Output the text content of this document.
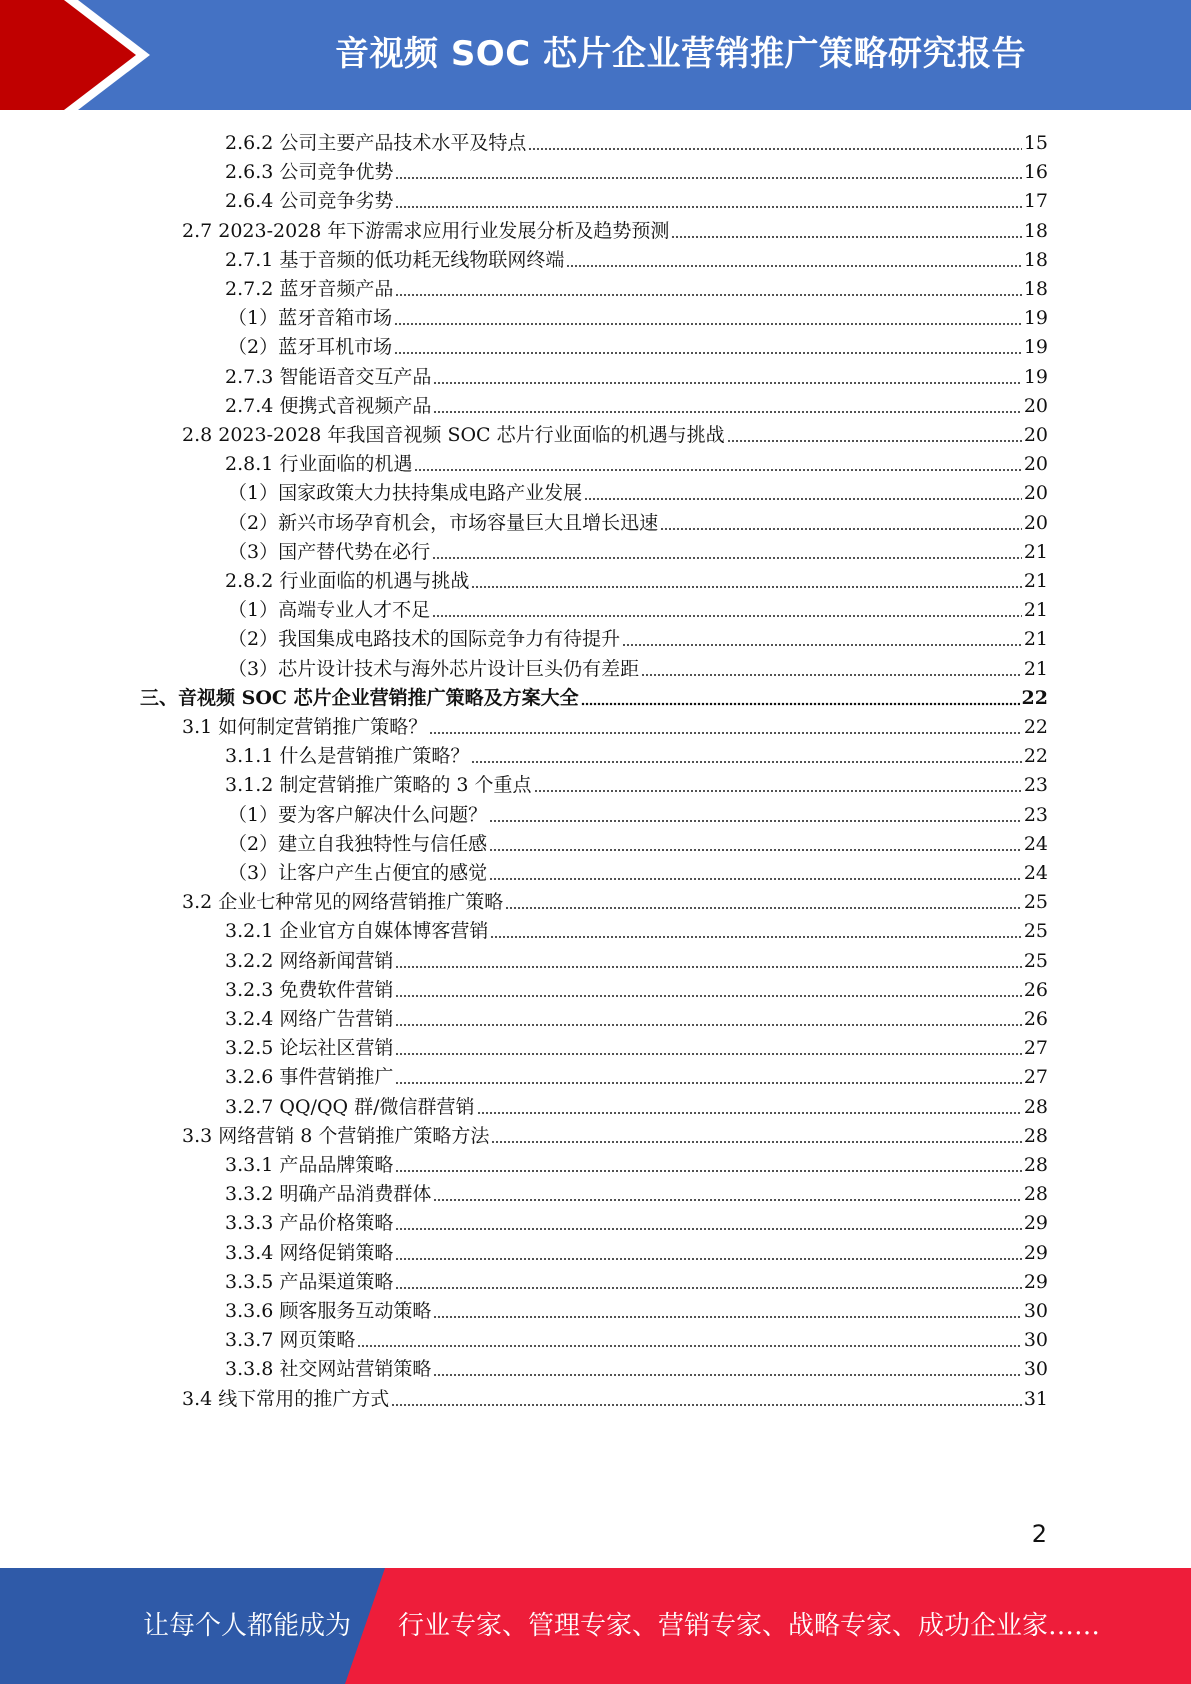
音视频 SOC 芯片企业营销推广策略研究报告
2.6.2 公司主要产品技术水平及特点	15
2.6.3 公司竞争优势	16
2.6.4 公司竞争劣势	17
2.7 2023-2028 年下游需求应用行业发展分析及趋势预测	18
2.7.1 基于音频的低功耗无线物联网终端	18
2.7.2 蓝牙音频产品	18
（1）蓝牙音箱市场	19
（2）蓝牙耳机市场	19
2.7.3 智能语音交互产品	19
2.7.4 便携式音视频产品	20
2.8 2023-2028 年我国音视频 SOC 芯片行业面临的机遇与挑战	20
2.8.1 行业面临的机遇	20
（1）国家政策大力扶持集成电路产业发展	20
（2）新兴市场孕育机会，市场容量巨大且增长迅速	20
（3）国产替代势在必行	21
2.8.2 行业面临的机遇与挑战	21
（1）高端专业人才不足	21
（2）我国集成电路技术的国际竞争力有待提升	21
（3）芯片设计技术与海外芯片设计巨头仍有差距	21
三、音视频 SOC 芯片企业营销推广策略及方案大全	22
3.1 如何制定营销推广策略？	22
3.1.1 什么是营销推广策略？	22
3.1.2 制定营销推广策略的 3 个重点	23
（1）要为客户解决什么问题？	23
（2）建立自我独特性与信任感	24
（3）让客户产生占便宜的感觉	24
3.2 企业七种常见的网络营销推广策略	25
3.2.1 企业官方自媒体博客营销	25
3.2.2 网络新闻营销	25
3.2.3 免费软件营销	26
3.2.4 网络广告营销	26
3.2.5 论坛社区营销	27
3.2.6 事件营销推广	27
3.2.7 QQ/QQ 群/微信群营销	28
3.3 网络营销 8 个营销推广策略方法	28
3.3.1 产品品牌策略	28
3.3.2 明确产品消费群体	28
3.3.3 产品价格策略	29
3.3.4 网络促销策略	29
3.3.5 产品渠道策略	29
3.3.6 顾客服务互动策略	30
3.3.7 网页策略	30
3.3.8 社交网站营销策略	30
3.4 线下常用的推广方式	31
2
让每个人都能成为 行业专家、管理专家、营销专家、战略专家、成功企业家……
